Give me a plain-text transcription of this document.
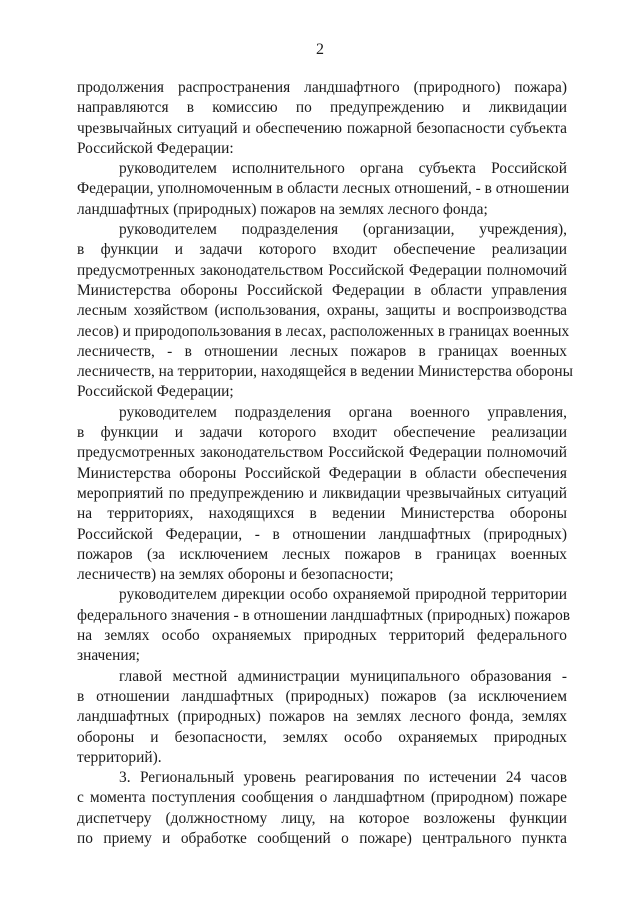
2
продолжения распространения ландшафтного (природного) пожара)
направляются в комиссию по предупреждению и ликвидации
чрезвычайных ситуаций и обеспечению пожарной безопасности субъекта
Российской Федерации:
руководителем исполнительного органа субъекта Российской
Федерации, уполномоченным в области лесных отношений, - в отношении
ландшафтных (природных) пожаров на землях лесного фонда;
руководителем подразделения (организации, учреждения),
в функции и задачи которого входит обеспечение реализации
предусмотренных законодательством Российской Федерации полномочий
Министерства обороны Российской Федерации в области управления
лесным хозяйством (использования, охраны, защиты и воспроизводства
лесов) и природопользования в лесах, расположенных в границах военных
лесничеств, - в отношении лесных пожаров в границах военных
лесничеств, на территории, находящейся в ведении Министерства обороны
Российской Федерации;
руководителем подразделения органа военного управления,
в функции и задачи которого входит обеспечение реализации
предусмотренных законодательством Российской Федерации полномочий
Министерства обороны Российской Федерации в области обеспечения
мероприятий по предупреждению и ликвидации чрезвычайных ситуаций
на территориях, находящихся в ведении Министерства обороны
Российской Федерации, - в отношении ландшафтных (природных)
пожаров (за исключением лесных пожаров в границах военных
лесничеств) на землях обороны и безопасности;
руководителем дирекции особо охраняемой природной территории
федерального значения - в отношении ландшафтных (природных) пожаров
на землях особо охраняемых природных территорий федерального
значения;
главой местной администрации муниципального образования -
в отношении ландшафтных (природных) пожаров (за исключением
ландшафтных (природных) пожаров на землях лесного фонда, землях
обороны и безопасности, землях особо охраняемых природных
территорий).
3. Региональный уровень реагирования по истечении 24 часов
с момента поступления сообщения о ландшафтном (природном) пожаре
диспетчеру (должностному лицу, на которое возложены функции
по приему и обработке сообщений о пожаре) центрального пункта
